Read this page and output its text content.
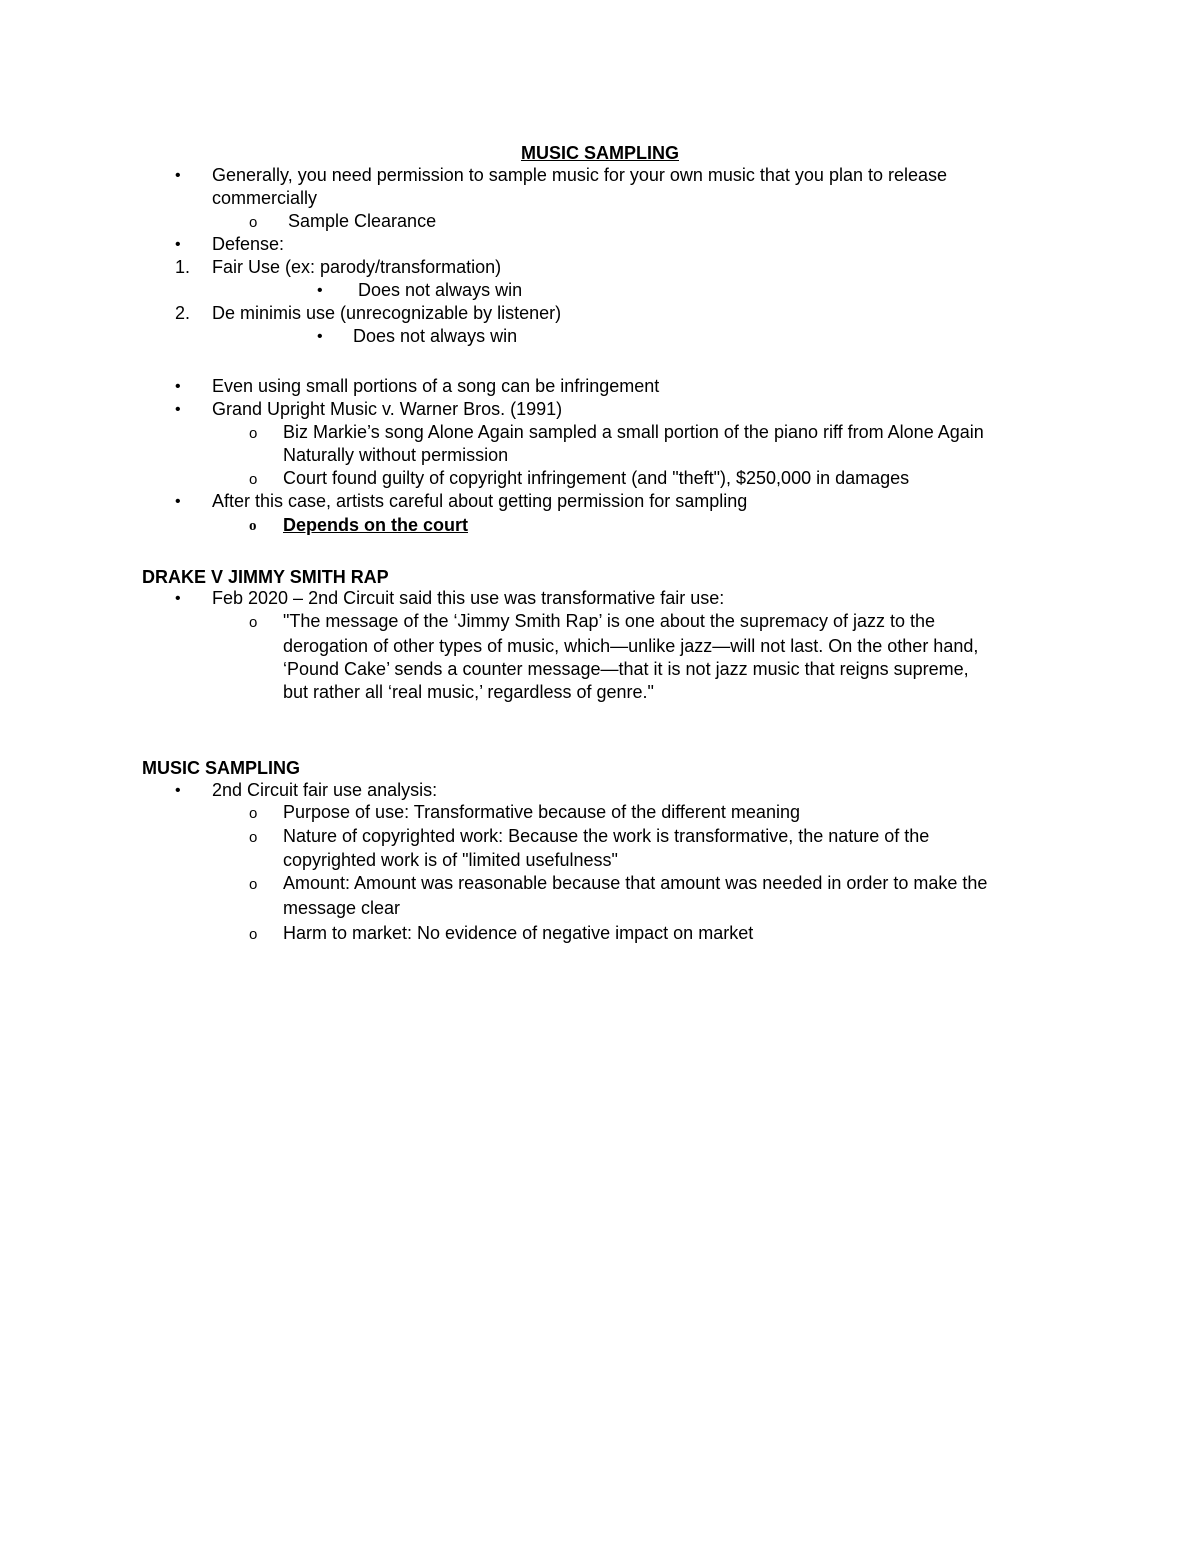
MUSIC SAMPLING
• Generally, you need permission to sample music for your own music that you plan to release
commercially
o Sample Clearance
• Defense:
1. Fair Use (ex: parody/transformation)
• Does not always win
2. De minimis use (unrecognizable by listener)
• Does not always win
• Even using small portions of a song can be infringement
• Grand Upright Music v. Warner Bros. (1991)
o Biz Markie’s song Alone Again sampled a small portion of the piano riff from Alone Again
Naturally without permission
o Court found guilty of copyright infringement (and "theft"), $250,000 in damages
• After this case, artists careful about getting permission for sampling
o Depends on the court
DRAKE V JIMMY SMITH RAP
• Feb 2020 – 2nd Circuit said this use was transformative fair use:
o "The message of the ‘Jimmy Smith Rap’ is one about the supremacy of jazz to the
derogation of other types of music, which—unlike jazz—will not last. On the other hand,
‘Pound Cake’ sends a counter message—that it is not jazz music that reigns supreme,
but rather all ‘real music,’ regardless of genre."
MUSIC SAMPLING
• 2nd Circuit fair use analysis:
o Purpose of use: Transformative because of the different meaning
o Nature of copyrighted work: Because the work is transformative, the nature of the
copyrighted work is of "limited usefulness"
o Amount: Amount was reasonable because that amount was needed in order to make the
message clear
o Harm to market: No evidence of negative impact on market
